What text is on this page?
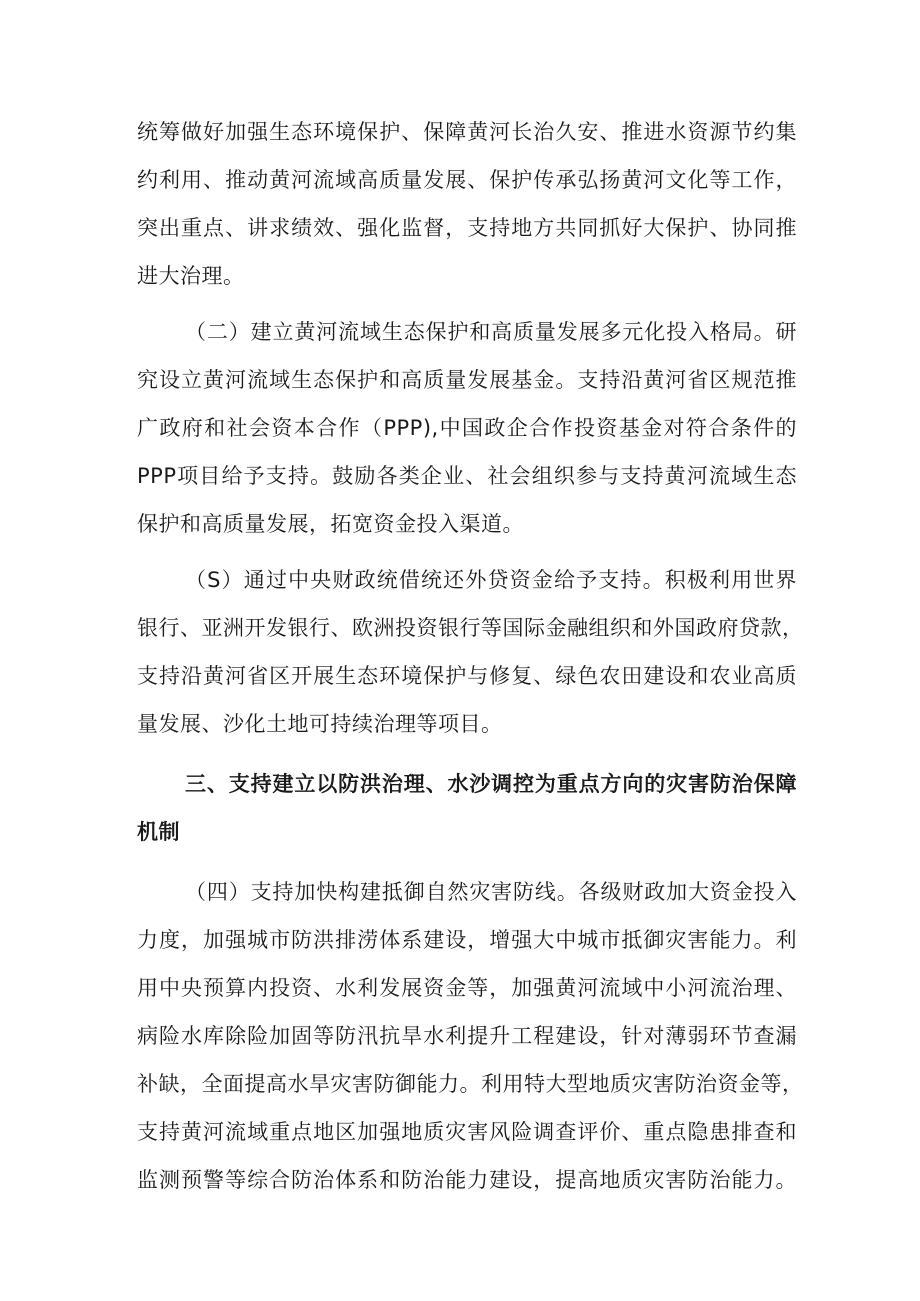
统筹做好加强生态环境保护、保障黄河长治久安、推进水资源节约集
约利用、推动黄河流域高质量发展、保护传承弘扬黄河文化等工作，
突出重点、讲求绩效、强化监督，支持地方共同抓好大保护、协同推
进大治理。
（二）建立黄河流域生态保护和高质量发展多元化投入格局。研
究设立黄河流域生态保护和高质量发展基金。支持沿黄河省区规范推
广政府和社会资本合作（PPP),中国政企合作投资基金对符合条件的
PPP项目给予支持。鼓励各类企业、社会组织参与支持黄河流域生态
保护和高质量发展，拓宽资金投入渠道。
（S）通过中央财政统借统还外贷资金给予支持。积极利用世界
银行、亚洲开发银行、欧洲投资银行等国际金融组织和外国政府贷款，
支持沿黄河省区开展生态环境保护与修复、绿色农田建设和农业高质
量发展、沙化土地可持续治理等项目。
三、支持建立以防洪治理、水沙调控为重点方向的灾害防治保障
机制
（四）支持加快构建抵御自然灾害防线。各级财政加大资金投入
力度，加强城市防洪排涝体系建设，增强大中城市抵御灾害能力。利
用中央预算内投资、水利发展资金等，加强黄河流域中小河流治理、
病险水库除险加固等防汛抗旱水利提升工程建设，针对薄弱环节查漏
补缺，全面提高水旱灾害防御能力。利用特大型地质灾害防治资金等，
支持黄河流域重点地区加强地质灾害风险调查评价、重点隐患排查和
监测预警等综合防治体系和防治能力建设，提高地质灾害防治能力。
